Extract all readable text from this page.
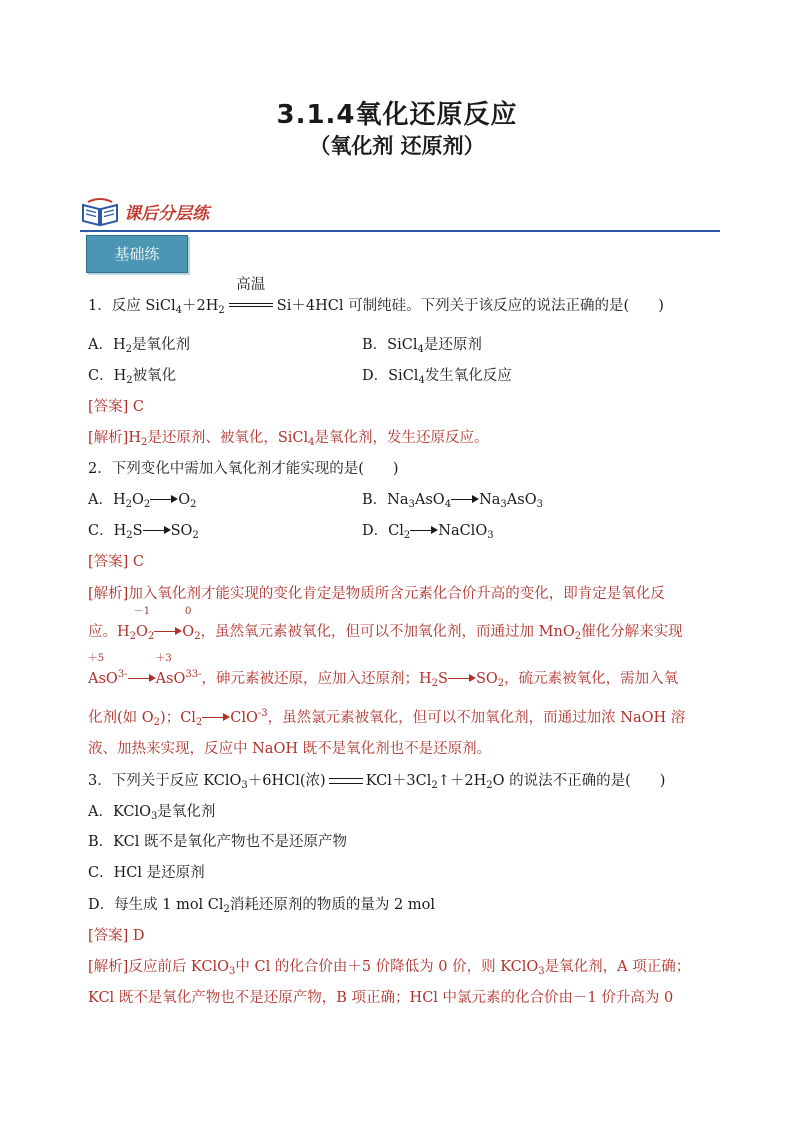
3.1.4氧化还原反应
（氧化剂 还原剂）
课后分层练
基础练
1．反应 $SiCl_4+2H_2$
高温
Si＋4HCl 可制纯硅。下列关于该反应的说法正确的是(　　)
A．$H_2$是氧化剂	B．SiCl$_4$是还原剂
C．$H_2$被氧化	D．SiCl$_4$发生氧化反应
[答案] C
[解析]$H_2$是还原剂、被氧化，SiCl$_4$是氧化剂，发生还原反应。
2．下列变化中需加入氧化剂才能实现的是(　　)
A．$H_2O_2$ $O_2$	B．$Na_3AsO_4$ $Na_3AsO_3$
C．$H_2S$ $SO_2$	D．$Cl_2$ NaClO$_3$
[答案] C
[解析]加入氧化剂才能实现的变化肯定是物质所含元素化合价升高的变化，即肯定是氧化反
应。$H_2O$
－1
$_2$ O
0
$_2$，虽然氧元素被氧化，但可以不加氧化剂，而通过加 MnO$_2$催化分解来实现
AsO
＋5
$^{3-}$ AsO
＋3
$^{33-}$，砷元素被还原，应加入还原剂；$H_2S$ $SO_2$，硫元素被氧化，需加入氧
化剂(如 $O_2$)；$Cl_2$ ClO$^{-3}$，虽然氯元素被氧化，但可以不加氧化剂，而通过加浓 NaOH 溶
液、加热来实现，反应中 NaOH 既不是氧化剂也不是还原剂。
3．下列关于反应 KClO$_3$＋6HCl(浓)	$KCl+3Cl_2↑+2H_2O$ 的说法不正确的是(　　)
A．KClO$_3$是氧化剂
B．KCl 既不是氧化产物也不是还原产物
C．HCl 是还原剂
D．每生成 1 mol $Cl_2$消耗还原剂的物质的量为 2 mol
[答案] D
[解析]反应前后 KClO$_3$中 Cl 的化合价由＋5 价降低为 0 价，则 KClO$_3$是氧化剂，A 项正确；
KCl 既不是氧化产物也不是还原产物，B 项正确；HCl 中氯元素的化合价由－1 价升高为 0
